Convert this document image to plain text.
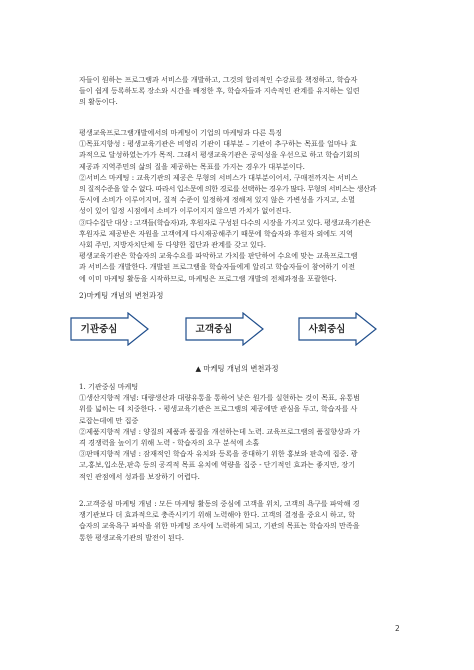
자들이 원하는 프로그램과 서비스를 개발하고, 그것의 합리적인 수강료를 책정하고, 학습자
들이 쉽게 등록하도록 장소와 시간을 배정한 후, 학습자들과 지속적인 관계를 유지하는 일련
의 활동이다.
평생교육프로그램개발에서의 마케팅이 기업의 마케팅과 다른 특징
①목표지향성 : 평생교육기관은 비영리 기관이 대부분 – 기관이 추구하는 목표를 얼마나 효
과적으로 달성하였는가가 목적. 그래서 평생교육기관은 공익성을 우선으로 하고 학습기회의
제공과 지역주민의 삶의 질을 제공하는 목표를 가지는 경우가 대부분이다.
②서비스 마케팅 : 교육기관의 제공은 무형의 서비스가 대부분이어서, 구매전까지는 서비스
의 질적수준을 알 수 없다. 따라서 입소문에 의한 경로를 선택하는 경우가 많다. 무형의 서비스는 생산과
동시에 소비가 이루어지며, 질적 수준이 일정하게 정해져 있지 않은 가변성을 가지고, 소멸
성이 있어 일정 시점에서 소비가 이루어지지 않으면 가치가 없어진다.
③다수집단 대상 : 고객들(학습자)과, 후원자로 구성된 다수의 시장을 가지고 있다. 평생교육기관은
후원자로 제공받은 자원을 고객에게 다시재공해주기 때문에 학습자와 후원자 외에도 지역
사회 주민, 지방자치단체 등 다양한 집단과 관계를 갖고 있다.
평생교육기관은 학습자의 교육수요를 파악하고 가치를 판단하여 수요에 맞는 교육프로그램
과 서비스를 개발한다. 개발된 프로그램을 학습자들에게 알리고 학습자들이 참여하기 이전
에 이미 마케팅 활동을 시작하므로, 마케팅은 프로그램 개발의 전체과정을 포괄한다.
2)마케팅 개념의 변천과정
기관중심	고객중심	사회중심
▲ 마케팅 개념의 변천과정
1. 기관중심 마케팅
①생산지향적 개념: 대량생산과 대량유통을 통하여 낮은 원가를 실현하는 것이 목표, 유통범
위를 넓히는 데 치중한다. - 평생교육기관은 프로그램의 제공에만 관심을 두고, 학습자를 사
로잡는데에 만 집중
②제품지향적 개념 : 양질의 제품과 품질을 개선하는데 노력. 교육프로그램의 품질향상과 가
격 경쟁력을 높이기 위해 노력 - 학습자의 요구 분석에 소홀
③판매지향적 개념 : 잠재적인 학습자 유치와 등록을 증대하기 위한 홍보와 판촉에 집중. 광
고,홍보,입소문,판촉 등의 공격적 목표 유치에 역량을 집중 - 단기적인 효과는 좋지만, 장기
적인 관점에서 성과를 보장하기 어렵다.
2.고객중심 마케팅 개념 : 모든 마케팅 활동의 중심에 고객을 위치, 고객의 욕구를 파악해 경
쟁기관보다 더 효과적으로 충족시키기 위해 노력해야 한다. 고객의 결정을 중요시 하고, 학
습자의 교육욕구 파악을 위한 마케팅 조사에 노력하게 되고, 기관의 목표는 학습자의 만족을
통한 평생교육기관의 발전이 된다.
2
